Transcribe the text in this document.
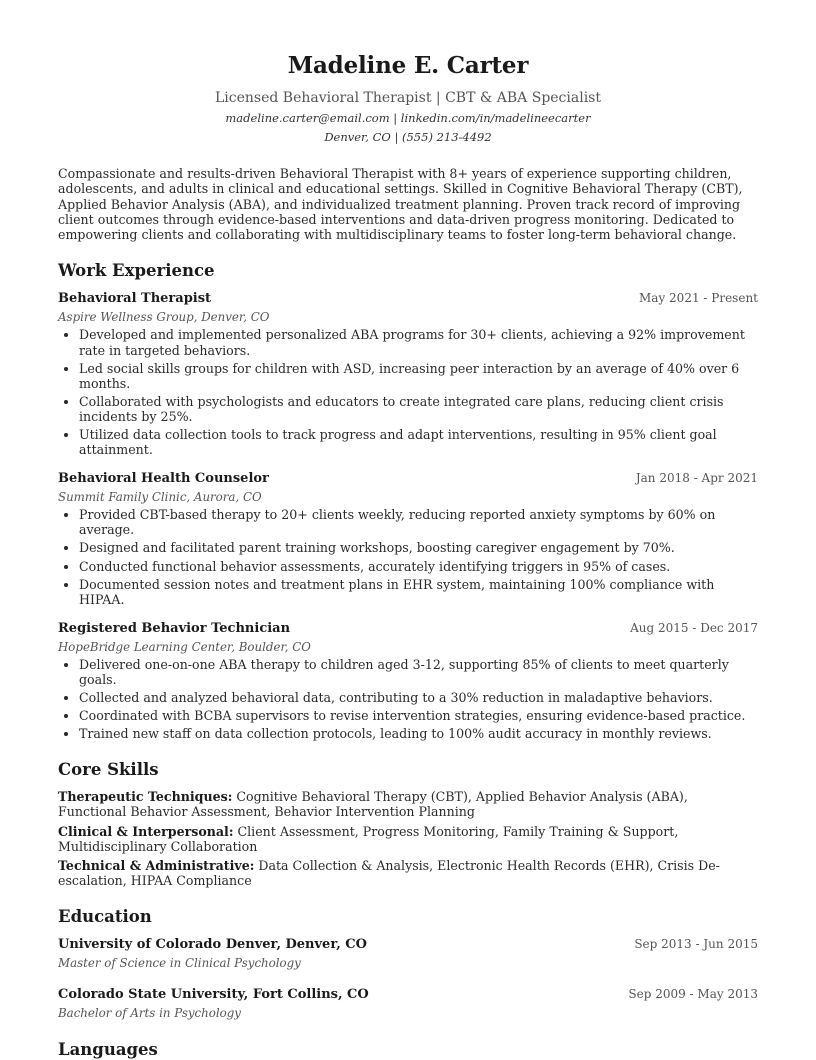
Madeline E. Carter
Licensed Behavioral Therapist | CBT & ABA Specialist
madeline.carter@email.com | linkedin.com/in/madelineecarter
Denver, CO | (555) 213-4492
Compassionate and results-driven Behavioral Therapist with 8+ years of experience supporting children, adolescents, and adults in clinical and educational settings. Skilled in Cognitive Behavioral Therapy (CBT), Applied Behavior Analysis (ABA), and individualized treatment planning. Proven track record of improving client outcomes through evidence-based interventions and data-driven progress monitoring. Dedicated to empowering clients and collaborating with multidisciplinary teams to foster long-term behavioral change.
Work Experience
Behavioral Therapist	May 2021 - Present
Aspire Wellness Group, Denver, CO
• Developed and implemented personalized ABA programs for 30+ clients, achieving a 92% improvement rate in targeted behaviors.
• Led social skills groups for children with ASD, increasing peer interaction by an average of 40% over 6 months.
• Collaborated with psychologists and educators to create integrated care plans, reducing client crisis incidents by 25%.
• Utilized data collection tools to track progress and adapt interventions, resulting in 95% client goal attainment.
Behavioral Health Counselor	Jan 2018 - Apr 2021
Summit Family Clinic, Aurora, CO
• Provided CBT-based therapy to 20+ clients weekly, reducing reported anxiety symptoms by 60% on average.
• Designed and facilitated parent training workshops, boosting caregiver engagement by 70%.
• Conducted functional behavior assessments, accurately identifying triggers in 95% of cases.
• Documented session notes and treatment plans in EHR system, maintaining 100% compliance with HIPAA.
Registered Behavior Technician	Aug 2015 - Dec 2017
HopeBridge Learning Center, Boulder, CO
• Delivered one-on-one ABA therapy to children aged 3-12, supporting 85% of clients to meet quarterly goals.
• Collected and analyzed behavioral data, contributing to a 30% reduction in maladaptive behaviors.
• Coordinated with BCBA supervisors to revise intervention strategies, ensuring evidence-based practice.
• Trained new staff on data collection protocols, leading to 100% audit accuracy in monthly reviews.
Core Skills
Therapeutic Techniques: Cognitive Behavioral Therapy (CBT), Applied Behavior Analysis (ABA), Functional Behavior Assessment, Behavior Intervention Planning
Clinical & Interpersonal: Client Assessment, Progress Monitoring, Family Training & Support, Multidisciplinary Collaboration
Technical & Administrative: Data Collection & Analysis, Electronic Health Records (EHR), Crisis De-escalation, HIPAA Compliance
Education
University of Colorado Denver, Denver, CO	Sep 2013 - Jun 2015
Master of Science in Clinical Psychology
Colorado State University, Fort Collins, CO	Sep 2009 - May 2013
Bachelor of Arts in Psychology
Languages
